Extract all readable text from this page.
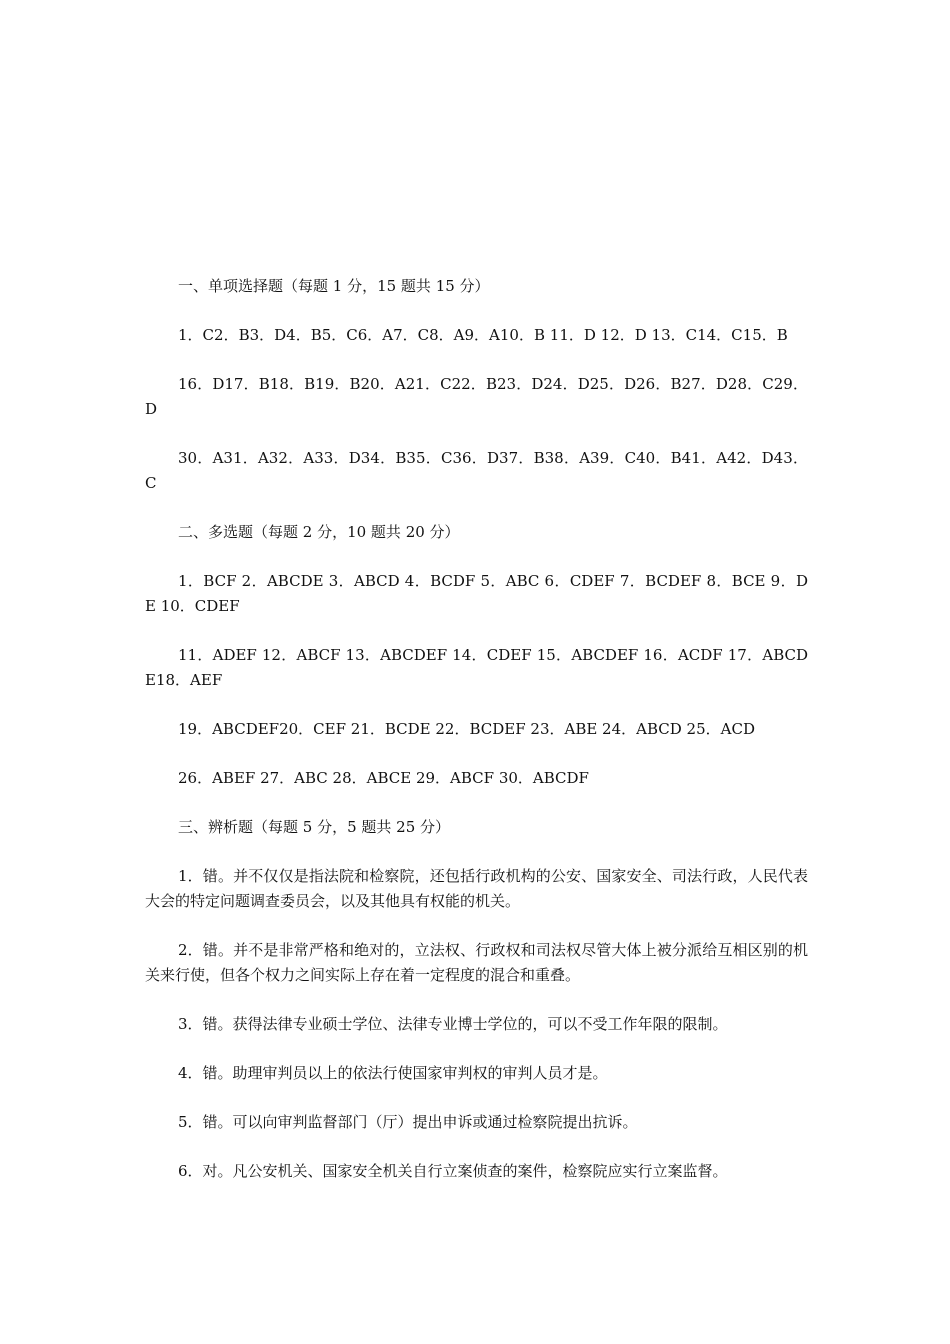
一、单项选择题（每题 1 分，15 题共 15 分）

1．C2．B3．D4．B5．C6．A7．C8．A9．A10．B 11．D 12．D 13．C14．C15．B

16．D17．B18．B19．B20．A21．C22．B23．D24．D25．D26．B27．D28．C29．D

30．A31．A32．A33．D34．B35．C36．D37．B38．A39．C40．B41．A42．D43．C

二、多选题（每题 2 分，10 题共 20 分）

1．BCF 2．ABCDE 3．ABCD 4．BCDF 5．ABC 6．CDEF 7．BCDEF 8．BCE 9．DE 10．CDEF

11．ADEF 12．ABCF 13．ABCDEF 14．CDEF 15．ABCDEF 16．ACDF 17．ABCDE18．AEF

19．ABCDEF20．CEF 21．BCDE 22．BCDEF 23．ABE 24．ABCD 25．ACD

26．ABEF 27．ABC 28．ABCE 29．ABCF 30．ABCDF

三、辨析题（每题 5 分，5 题共 25 分）

1．错。并不仅仅是指法院和检察院，还包括行政机构的公安、国家安全、司法行政，人民代表大会的特定问题调查委员会，以及其他具有权能的机关。

2．错。并不是非常严格和绝对的，立法权、行政权和司法权尽管大体上被分派给互相区别的机关来行使，但各个权力之间实际上存在着一定程度的混合和重叠。

3．错。获得法律专业硕士学位、法律专业博士学位的，可以不受工作年限的限制。

4．错。助理审判员以上的依法行使国家审判权的审判人员才是。

5．错。可以向审判监督部门（厅）提出申诉或通过检察院提出抗诉。

6．对。凡公安机关、国家安全机关自行立案侦查的案件，检察院应实行立案监督。
